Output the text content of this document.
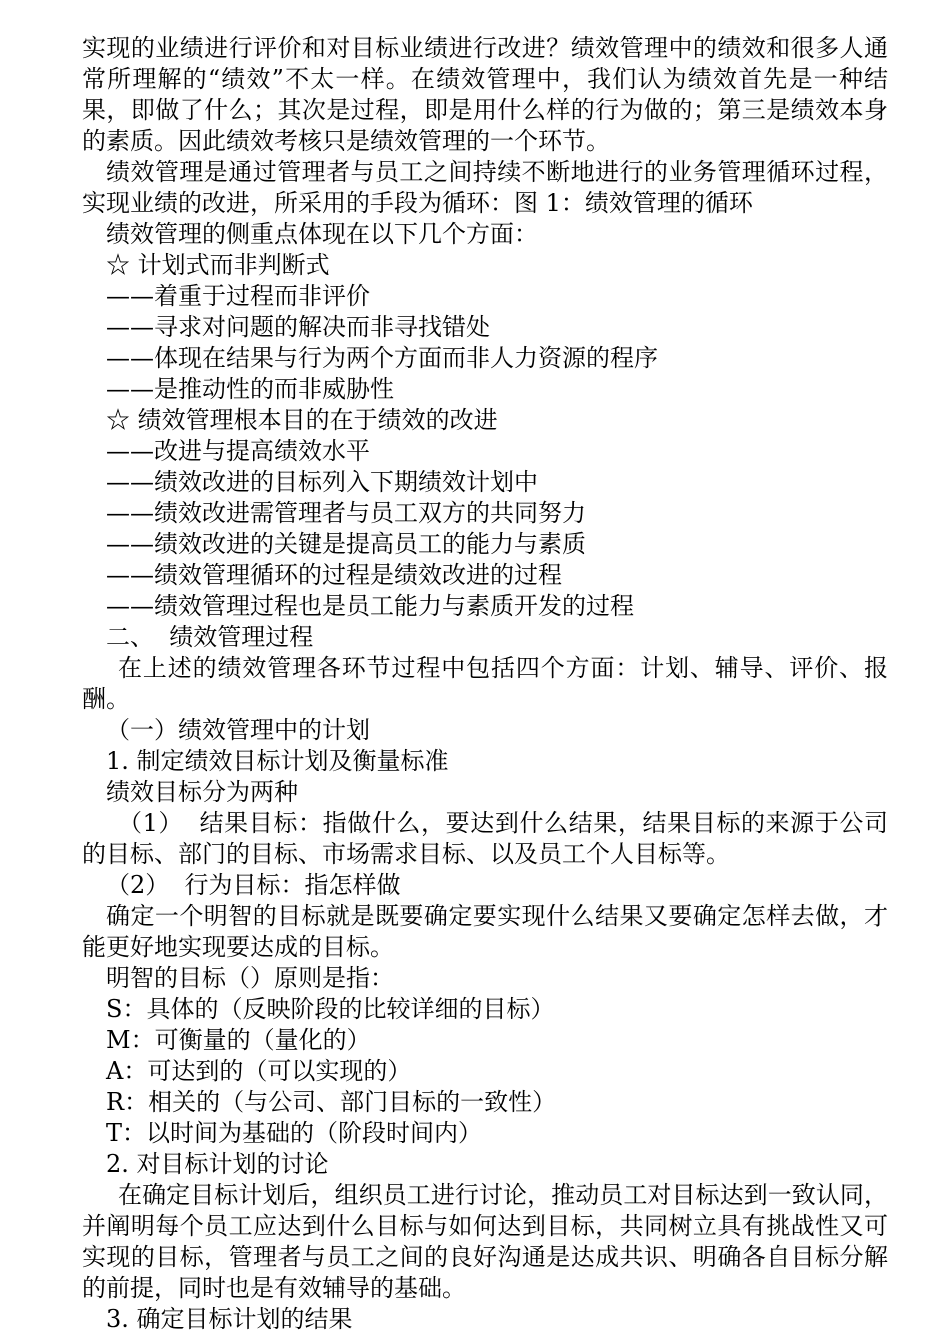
实现的业绩进行评价和对目标业绩进行改进？绩效管理中的绩效和很多人通常所理解的“绩效”不太一样。在绩效管理中，我们认为绩效首先是一种结果，即做了什么；其次是过程，即是用什么样的行为做的；第三是绩效本身的素质。因此绩效考核只是绩效管理的一个环节。

绩效管理是通过管理者与员工之间持续不断地进行的业务管理循环过程，实现业绩的改进，所采用的手段为循环：图 1：绩效管理的循环

绩效管理的侧重点体现在以下几个方面：

☆ 计划式而非判断式

——着重于过程而非评价

——寻求对问题的解决而非寻找错处

——体现在结果与行为两个方面而非人力资源的程序

——是推动性的而非威胁性

☆ 绩效管理根本目的在于绩效的改进

——改进与提高绩效水平

——绩效改进的目标列入下期绩效计划中

——绩效改进需管理者与员工双方的共同努力

——绩效改进的关键是提高员工的能力与素质

——绩效管理循环的过程是绩效改进的过程

——绩效管理过程也是员工能力与素质开发的过程

二、  绩效管理过程

在上述的绩效管理各环节过程中包括四个方面：计划、辅导、评价、报酬。

（一）绩效管理中的计划

1. 制定绩效目标计划及衡量标准

绩效目标分为两种

（1）  结果目标：指做什么，要达到什么结果，结果目标的来源于公司的目标、部门的目标、市场需求目标、以及员工个人目标等。

（2）  行为目标：指怎样做

确定一个明智的目标就是既要确定要实现什么结果又要确定怎样去做，才能更好地实现要达成的目标。

明智的目标（）原则是指：

S：具体的（反映阶段的比较详细的目标）

M：可衡量的（量化的）

A：可达到的（可以实现的）

R：相关的（与公司、部门目标的一致性）

T：以时间为基础的（阶段时间内）

2. 对目标计划的讨论

在确定目标计划后，组织员工进行讨论，推动员工对目标达到一致认同，并阐明每个员工应达到什么目标与如何达到目标，共同树立具有挑战性又可实现的目标，管理者与员工之间的良好沟通是达成共识、明确各自目标分解的前提，同时也是有效辅导的基础。

3. 确定目标计划的结果
